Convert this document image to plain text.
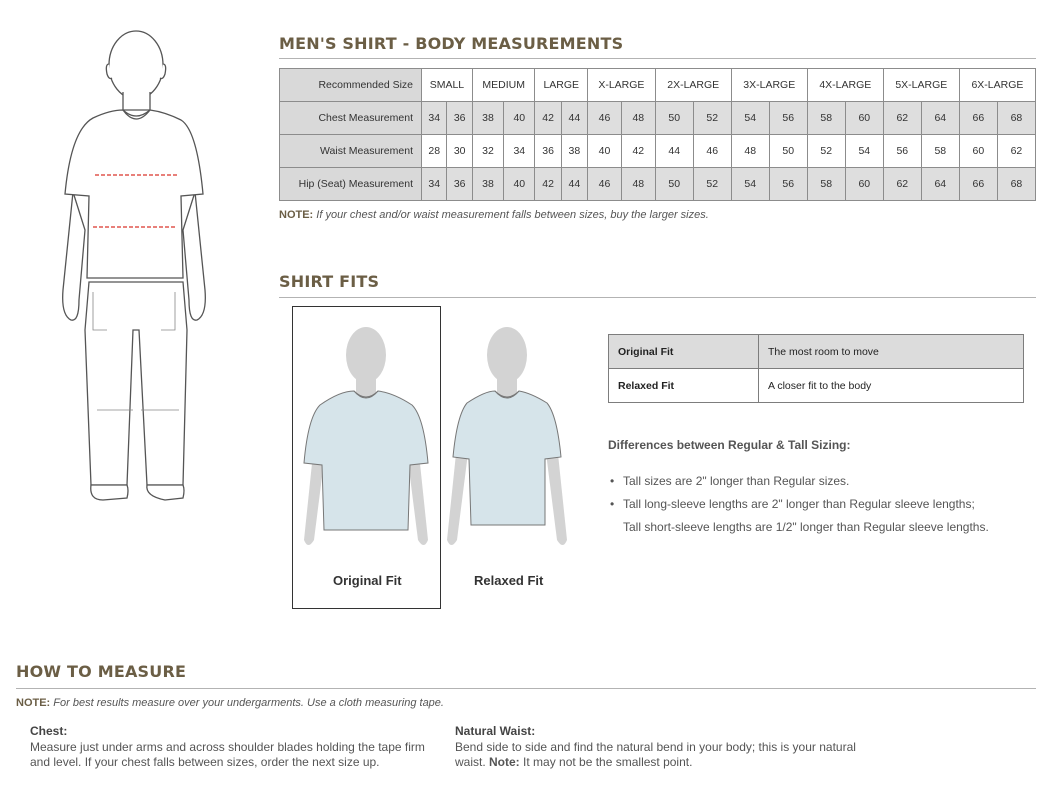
MEN'S SHIRT - BODY MEASUREMENTS
Recommended Size	SMALL		MEDIUM		LARGE		X-LARGE		2X-LARGE		3X-LARGE		4X-LARGE		5X-LARGE		6X-LARGE	
Chest Measurement	34	36	38	40	42	44	46	48	50	52	54	56	58	60	62	64	66	68
Waist Measurement	28	30	32	34	36	38	40	42	44	46	48	50	52	54	56	58	60	62
Hip (Seat) Measurement	34	36	38	40	42	44	46	48	50	52	54	56	58	60	62	64	66	68
NOTE: If your chest and/or waist measurement falls between sizes, buy the larger sizes.
SHIRT FITS
Original Fit	Relaxed Fit
Original Fit	The most room to move
Relaxed Fit	A closer fit to the body
Differences between Regular & Tall Sizing:
• Tall sizes are 2" longer than Regular sizes.
• Tall long-sleeve lengths are 2" longer than Regular sleeve lengths;
Tall short-sleeve lengths are 1/2" longer than Regular sleeve lengths.
HOW TO MEASURE
NOTE: For best results measure over your undergarments. Use a cloth measuring tape.
Chest:
Measure just under arms and across shoulder blades holding the tape firm
and level. If your chest falls between sizes, order the next size up.
Natural Waist:
Bend side to side and find the natural bend in your body; this is your natural
waist. Note: It may not be the smallest point.
